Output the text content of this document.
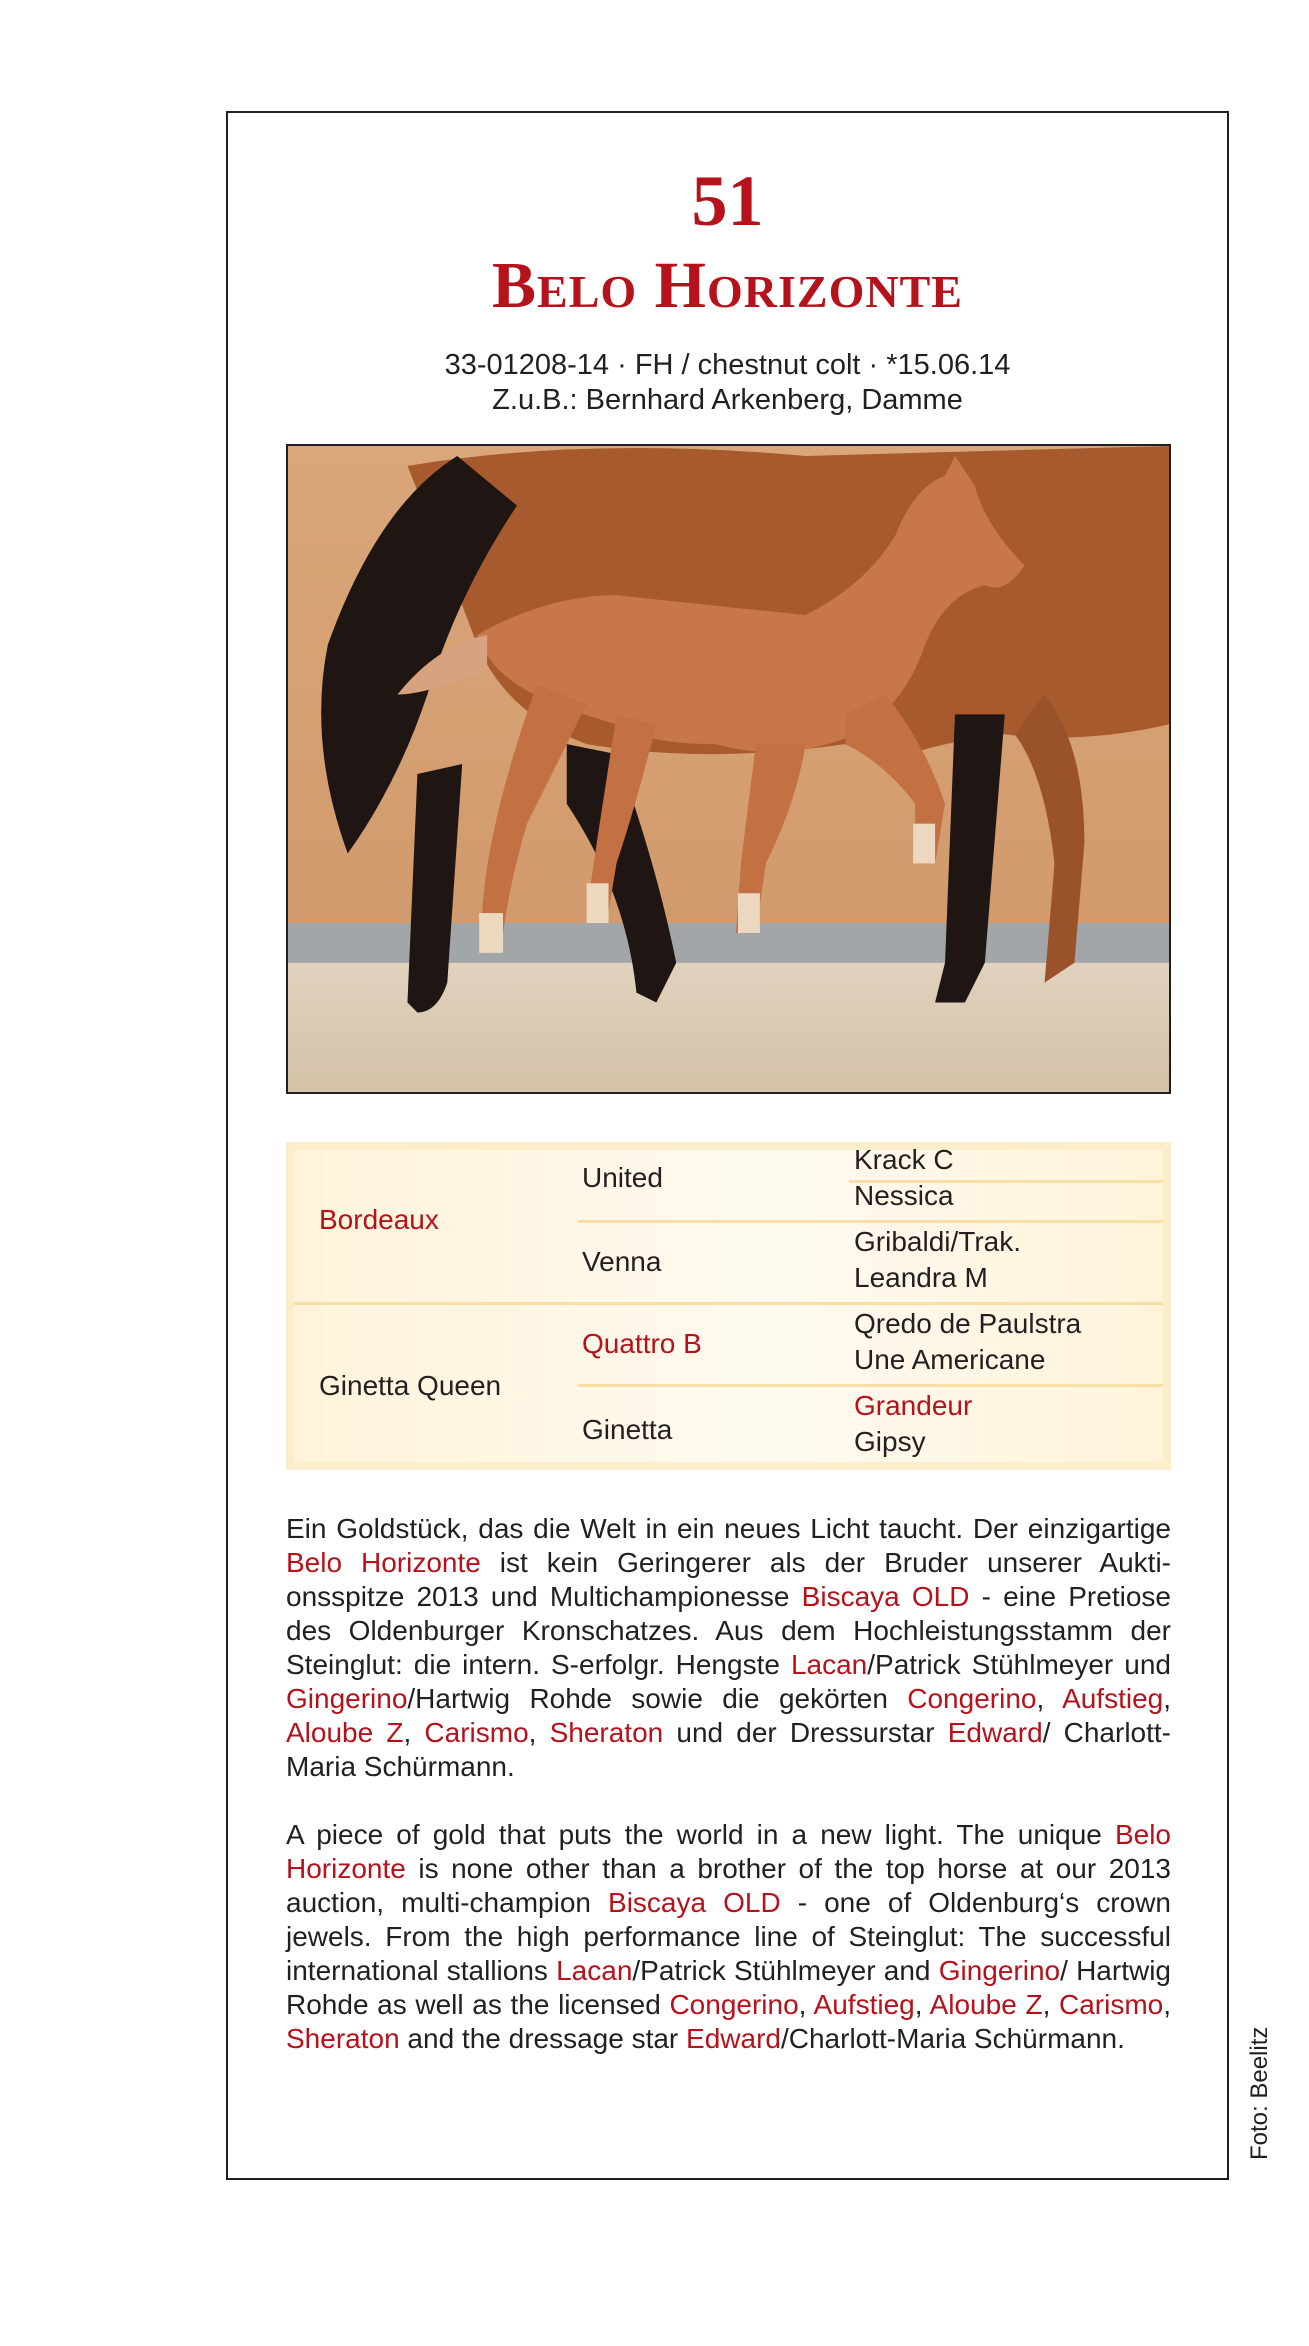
51
Belo Horizonte
33-01208-14 · FH / chestnut colt · *15.06.14
Z.u.B.: Bernhard Arkenberg, Damme
Bordeaux
Ginetta Queen
United
Venna
Quattro B
Ginetta
Krack C
Nessica
Gribaldi/Trak.
Leandra M
Qredo de Paulstra
Une Americane
Grandeur
Gipsy
Ein Goldstück, das die Welt in ein neues Licht taucht. Der einzigartige Belo Horizonte ist kein Geringerer als der Bruder unserer Auktionsspitze 2013 und Multichampionesse Biscaya OLD - eine Pretiose des Oldenburger Kronschatzes. Aus dem Hochleistungsstamm der Steinglut: die intern. S-erfolgr. Hengste Lacan/Patrick Stühlmeyer und Gingerino/Hartwig Rohde sowie die gekörten Congerino, Aufstieg, Aloube Z, Carismo, Sheraton und der Dressurstar Edward/ Charlott-Maria Schürmann.
A piece of gold that puts the world in a new light. The unique Belo Horizonte is none other than a brother of the top horse at our 2013 auction, multi-champion Biscaya OLD - one of Oldenburg‘s crown jewels. From the high performance line of Steinglut: The successful international stallions Lacan/Patrick Stühlmeyer and Gingerino/ Hartwig Rohde as well as the licensed Congerino, Aufstieg, Aloube Z, Carismo, Sheraton and the dressage star Edward/Charlott-Maria Schürmann.	Foto: Beelitz
